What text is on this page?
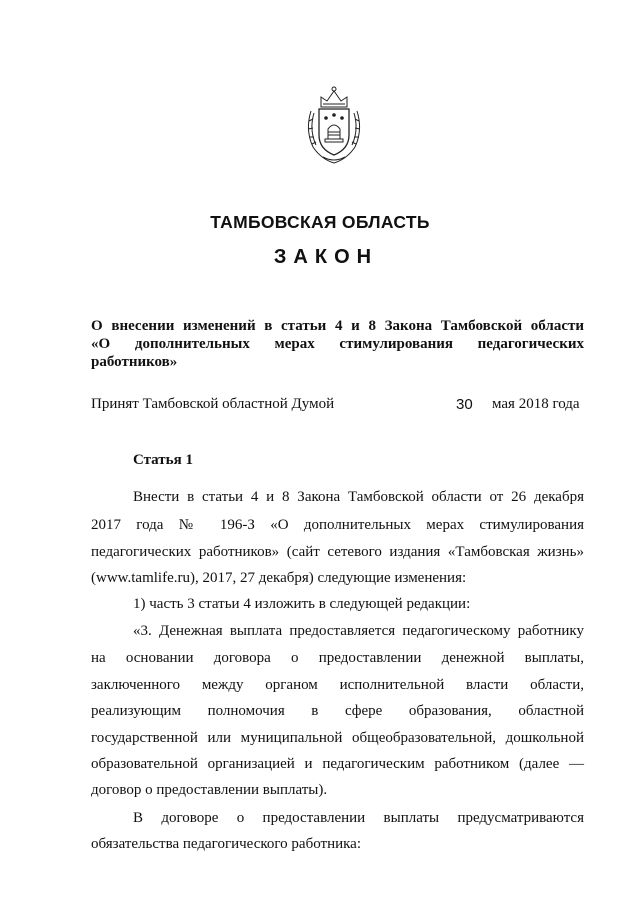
ТАМБОВСКАЯ ОБЛАСТЬ
ЗАКОН
О внесении изменений в статьи 4 и 8 Закона Тамбовской области
«О дополнительных мерах стимулирования педагогических
работников»
Принят Тамбовской областной Думой	30 мая 2018 года
Статья 1
Внести в статьи 4 и 8 Закона Тамбовской области от 26 декабря
2017 года № 196-З «О дополнительных мерах стимулирования
педагогических работников» (сайт сетевого издания «Тамбовская жизнь»
(www.tamlife.ru), 2017, 27 декабря) следующие изменения:
1) часть 3 статьи 4 изложить в следующей редакции:
«3. Денежная выплата предоставляется педагогическому работнику
на основании договора о предоставлении денежной выплаты,
заключенного между органом исполнительной власти области,
реализующим полномочия в сфере образования, областной
государственной или муниципальной общеобразовательной, дошкольной
образовательной организацией и педагогическим работником (далее —
договор о предоставлении выплаты).
В договоре о предоставлении выплаты предусматриваются
обязательства педагогического работника:
